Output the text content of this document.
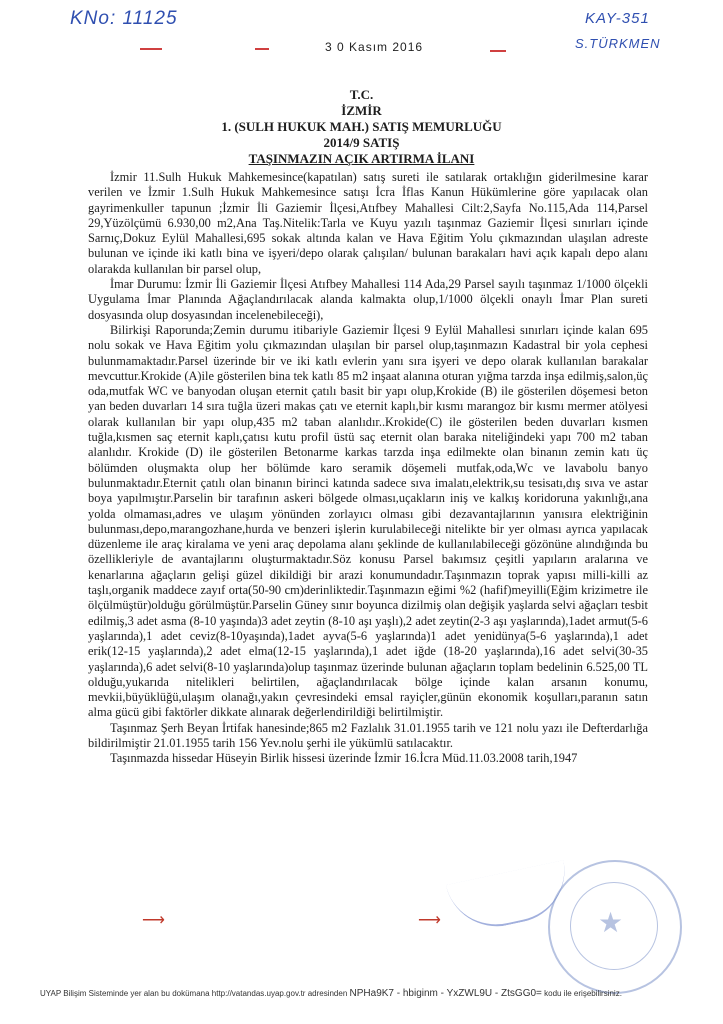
KNo: 11125	KAY-351
S.TÜRKMEN
3 0 Kasım 2016
T.C.
İZMİR
1. (SULH HUKUK MAH.) SATIŞ MEMURLUĞU
2014/9 SATIŞ
TAŞINMAZIN AÇIK ARTIRMA İLANI

İzmir 11.Sulh Hukuk Mahkemesince(kapatılan) satış sureti ile satılarak ortaklığın giderilmesine karar verilen ve İzmir 1.Sulh Hukuk Mahkemesince satışı İcra İflas Kanun Hükümlerine göre yapılacak olan gayrimenkuller tapunun ;İzmir İli Gaziemir İlçesi,Atıfbey Mahallesi Cilt:2,Sayfa No.115,Ada 114,Parsel 29,Yüzölçümü 6.930,00 m2,Ana Taş.Nitelik:Tarla ve Kuyu yazılı taşınmaz Gaziemir İlçesi sınırları içinde Sarnıç,Dokuz Eylül Mahallesi,695 sokak altında kalan ve Hava Eğitim Yolu çıkmazından ulaşılan adreste bulunan ve içinde iki katlı bina ve işyeri/depo olarak çalışılan/ bulunan barakaları havi açık kapalı depo alanı olarakda kullanılan bir parsel olup,

İmar Durumu: İzmir İli Gaziemir İlçesi Atıfbey Mahallesi 114 Ada,29 Parsel sayılı taşınmaz 1/1000 ölçekli Uygulama İmar Planında Ağaçlandırılacak alanda kalmakta olup,1/1000 ölçekli onaylı İmar Plan sureti dosyasında olup dosyasından incelenebileceği),

Bilirkişi Raporunda;Zemin durumu itibariyle Gaziemir İlçesi 9 Eylül Mahallesi sınırları içinde kalan 695 nolu sokak ve Hava Eğitim yolu çıkmazından ulaşılan bir parsel olup,taşınmazın Kadastral bir yola cephesi bulunmamaktadır.Parsel üzerinde bir ve iki katlı evlerin yanı sıra işyeri ve depo olarak kullanılan barakalar mevcuttur.Krokide (A)ile gösterilen bina tek katlı 85 m2 inşaat alanına oturan yığma tarzda inşa edilmiş,salon,üç oda,mutfak WC ve banyodan oluşan eternit çatılı basit bir yapı olup,Krokide (B) ile gösterilen döşemesi beton yan beden duvarları 14 sıra tuğla üzeri makas çatı ve eternit kaplı,bir kısmı marangoz bir kısmı mermer atölyesi olarak kullanılan bir yapı olup,435 m2 taban alanlıdır..Krokide(C) ile gösterilen beden duvarları kısmen tuğla,kısmen saç eternit kaplı,çatısı kutu profil üstü saç eternit olan baraka niteliğindeki yapı 700 m2 taban alanlıdır. Krokide (D) ile gösterilen Betonarme karkas tarzda inşa edilmekte olan binanın zemin katı üç bölümden oluşmakta olup her bölümde karo seramik döşemeli mutfak,oda,Wc ve lavabolu banyo bulunmaktadır.Eternit çatılı olan binanın birinci katında sadece sıva imalatı,elektrik,su tesisatı,dış sıva ve astar boya yapılmıştır.Parselin bir tarafının askeri bölgede olması,uçakların iniş ve kalkış koridoruna yakınlığı,ana yolda olmaması,adres ve ulaşım yönünden zorlayıcı olması gibi dezavantajlarının yanısıra elektriğinin bulunması,depo,marangozhane,hurda ve benzeri işlerin kurulabileceği nitelikte bir yer olması ayrıca yapılacak düzenleme ile araç kiralama ve yeni araç depolama alanı şeklinde de kullanılabileceği gözönüne alındığında bu özellikleriyle de avantajlarını oluşturmaktadır.Söz konusu Parsel bakımsız çeşitli yapıların aralarına ve kenarlarına ağaçların gelişi güzel dikildiği bir arazi konumundadır.Taşınmazın toprak yapısı milli-killi az taşlı,organik maddece zayıf orta(50-90 cm)derinliktedir.Taşınmazın eğimi %2 (hafif)meyilli(Eğim krizimetre ile ölçülmüştür)olduğu görülmüştür.Parselin Güney sınır boyunca dizilmiş olan değişik yaşlarda selvi ağaçları tesbit edilmiş,3 adet asma (8-10 yaşında)3 adet zeytin (8-10 aşı yaşlı),2 adet zeytin(2-3 aşı yaşlarında),1adet armut(5-6 yaşlarında),1 adet ceviz(8-10yaşında),1adet ayva(5-6 yaşlarında)1 adet yenidünya(5-6 yaşlarında),1 adet erik(12-15 yaşlarında),2 adet elma(12-15 yaşlarında),1 adet iğde (18-20 yaşlarında),16 adet selvi(30-35 yaşlarında),6 adet selvi(8-10 yaşlarında)olup taşınmaz üzerinde bulunan ağaçların toplam bedelinin 6.525,00 TL olduğu,yukarıda nitelikleri belirtilen, ağaçlandırılacak bölge içinde kalan arsanın konumu, mevkii,büyüklüğü,ulaşım olanağı,yakın çevresindeki emsal rayiçler,günün ekonomik koşulları,paranın satın alma gücü gibi faktörler dikkate alınarak değerlendirildiği belirtilmiştir.

Taşınmaz Şerh Beyan İrtifak hanesinde;865 m2 Fazlalık 31.01.1955 tarih ve 121 nolu yazı ile Defterdarlığa bildirilmiştir 21.01.1955 tarih 156 Yev.nolu şerhi ile yükümlü satılacaktır.

Taşınmazda hissedar Hüseyin Birlik hissesi üzerinde İzmir 16.İcra Müd.11.03.2008 tarih,1947

⟶	⟶	★
UYAP Bilişim Sisteminde yer alan bu dokümana http://vatandas.uyap.gov.tr adresinden NPHa9K7 - hbiginm - YxZWL9U - ZtsGG0= kodu ile erişebilirsiniz.
